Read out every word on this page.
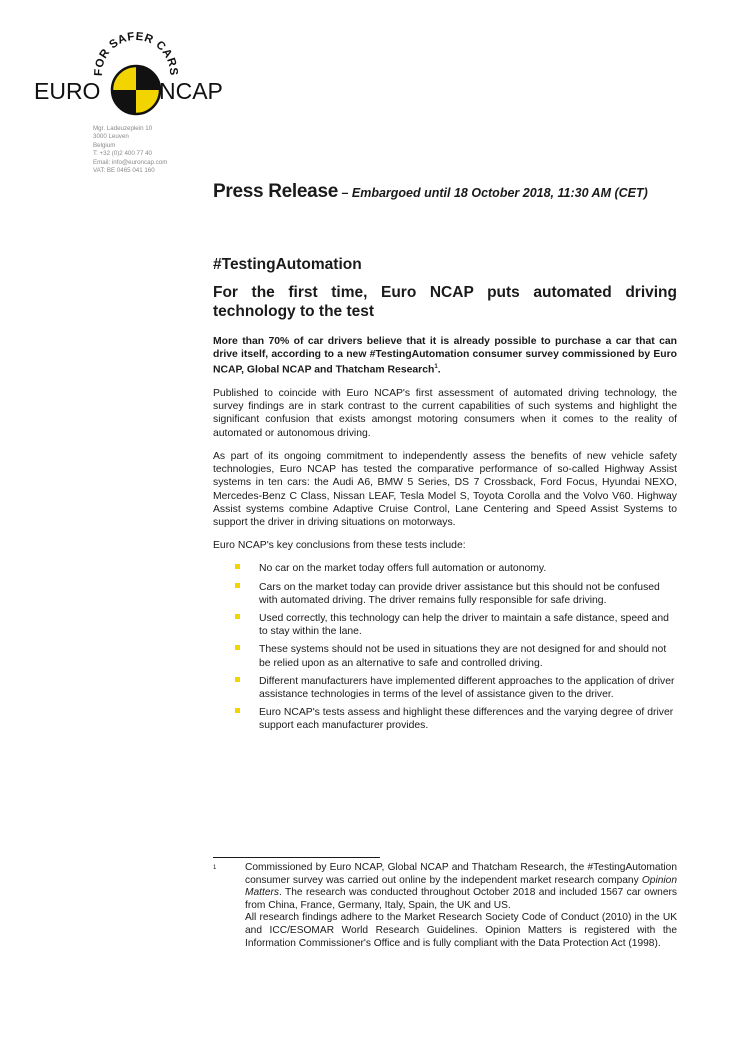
FOR SAFER CARS
EURO	NCAP
Mgr. Ladeuzeplein 10
3000 Leuven
Belgium
T: +32 (0)2 400 77 40
Email: info@euroncap.com
VAT: BE 0465 041 160
Press Release – Embargoed until 18 October 2018, 11:30 AM (CET)

#TestingAutomation

For the first time, Euro NCAP puts automated driving technology to the test

More than 70% of car drivers believe that it is already possible to purchase a car that can drive itself, according to a new #TestingAutomation consumer survey commissioned by Euro NCAP, Global NCAP and Thatcham Research$^1$.

Published to coincide with Euro NCAP's first assessment of automated driving technology, the survey findings are in stark contrast to the current capabilities of such systems and highlight the significant confusion that exists amongst motoring consumers when it comes to the reality of automated or autonomous driving.

As part of its ongoing commitment to independently assess the benefits of new vehicle safety technologies, Euro NCAP has tested the comparative performance of so-called Highway Assist systems in ten cars: the Audi A6, BMW 5 Series, DS 7 Crossback, Ford Focus, Hyundai NEXO, Mercedes-Benz C Class, Nissan LEAF, Tesla Model S, Toyota Corolla and the Volvo V60. Highway Assist systems combine Adaptive Cruise Control, Lane Centering and Speed Assist Systems to support the driver in driving situations on motorways.

Euro NCAP's key conclusions from these tests include:

No car on the market today offers full automation or autonomy.
Cars on the market today can provide driver assistance but this should not be confused with automated driving. The driver remains fully responsible for safe driving.
Used correctly, this technology can help the driver to maintain a safe distance, speed and to stay within the lane.
These systems should not be used in situations they are not designed for and should not be relied upon as an alternative to safe and controlled driving.
Different manufacturers have implemented different approaches to the application of driver assistance technologies in terms of the level of assistance given to the driver.
Euro NCAP's tests assess and highlight these differences and the varying degree of driver support each manufacturer provides.
1	Commissioned by Euro NCAP, Global NCAP and Thatcham Research, the #TestingAutomation consumer survey was carried out online by the independent market research company Opinion Matters. The research was conducted throughout October 2018 and included 1567 car owners from China, France, Germany, Italy, Spain, the UK and US.

All research findings adhere to the Market Research Society Code of Conduct (2010) in the UK and ICC/ESOMAR World Research Guidelines. Opinion Matters is registered with the Information Commissioner's Office and is fully compliant with the Data Protection Act (1998).
